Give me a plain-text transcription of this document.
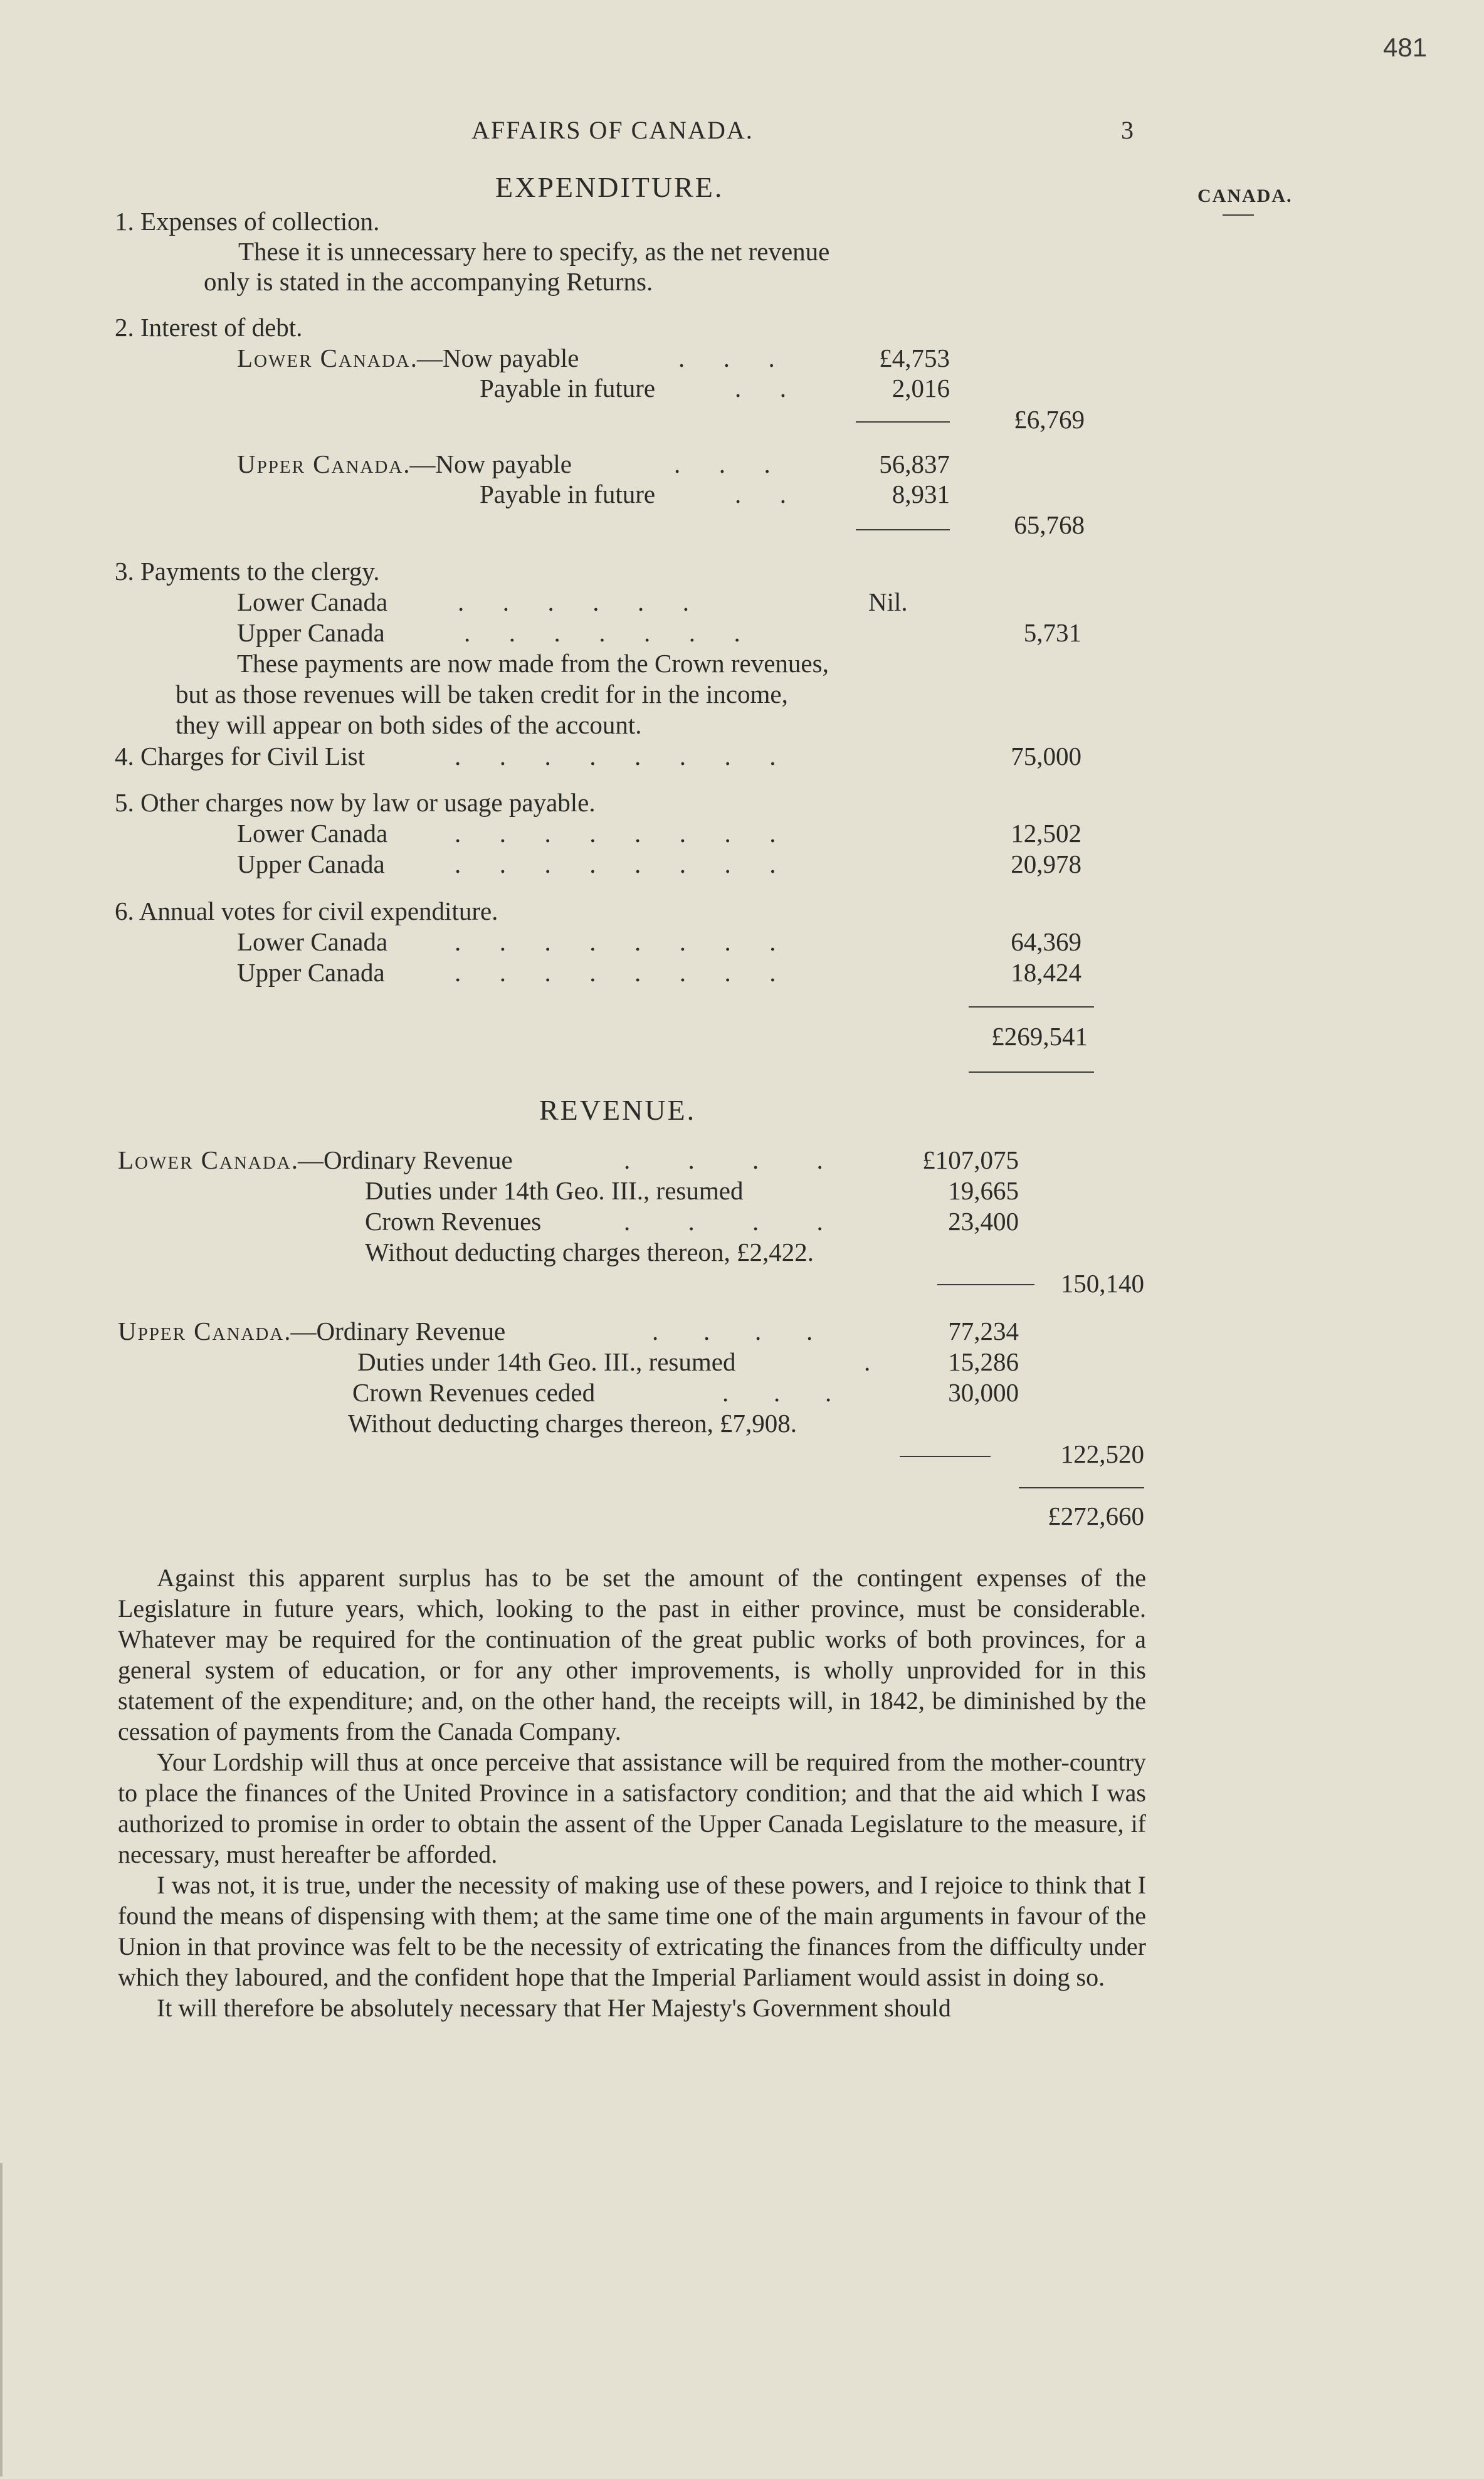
481
AFFAIRS OF CANADA.	3
CANADA.
EXPENDITURE.
1. Expenses of collection.
These it is unnecessary here to specify, as the net revenue
only is stated in the accompanying Returns.
2. Interest of debt.
Lower Canada.—Now payable	.      .      .	£4,753
Payable in future	.      .	2,016
£6,769
Upper Canada.—Now payable	.      .      .	56,837
Payable in future	.      .	8,931
65,768
3. Payments to the clergy.
Lower Canada	.      .      .      .      .      .	Nil.
Upper Canada	.      .      .      .      .      .      .	5,731
These payments are now made from the Crown revenues,
but as those revenues will be taken credit for in the income,
they will appear on both sides of the account.
4. Charges for Civil List	.      .      .      .      .      .      .      .	75,000
5. Other charges now by law or usage payable.
Lower Canada	.      .      .      .      .      .      .      .	12,502
Upper Canada	.      .      .      .      .      .      .      .	20,978
6. Annual votes for civil expenditure.
Lower Canada	.      .      .      .      .      .      .      .	64,369
Upper Canada	.      .      .      .      .      .      .      .	18,424
£269,541
REVENUE.
Lower Canada.—Ordinary Revenue	.         .         .         .	£107,075
Duties under 14th Geo. III., resumed	19,665
Crown Revenues	.         .         .         .	23,400
Without deducting charges thereon, £2,422.
150,140
Upper Canada.—Ordinary Revenue	.       .       .       .	77,234
Duties under 14th Geo. III., resumed	.	15,286
Crown Revenues ceded	.       .       .	30,000
Without deducting charges thereon, £7,908.
122,520
£272,660

Against this apparent surplus has to be set the amount of the contingent expenses of the Legislature in future years, which, looking to the past in either province, must be considerable. Whatever may be required for the continuation of the great public works of both provinces, for a general system of education, or for any other improvements, is wholly unprovided for in this statement of the expenditure; and, on the other hand, the receipts will, in 1842, be diminished by the cessation of payments from the Canada Company.

Your Lordship will thus at once perceive that assistance will be required from the mother-country to place the finances of the United Province in a satisfactory condition; and that the aid which I was authorized to promise in order to obtain the assent of the Upper Canada Legislature to the measure, if necessary, must hereafter be afforded.

I was not, it is true, under the necessity of making use of these powers, and I rejoice to think that I found the means of dispensing with them; at the same time one of the main arguments in favour of the Union in that province was felt to be the necessity of extricating the finances from the difficulty under which they laboured, and the confident hope that the Imperial Parliament would assist in doing so.

It will therefore be absolutely necessary that Her Majesty's Government should
